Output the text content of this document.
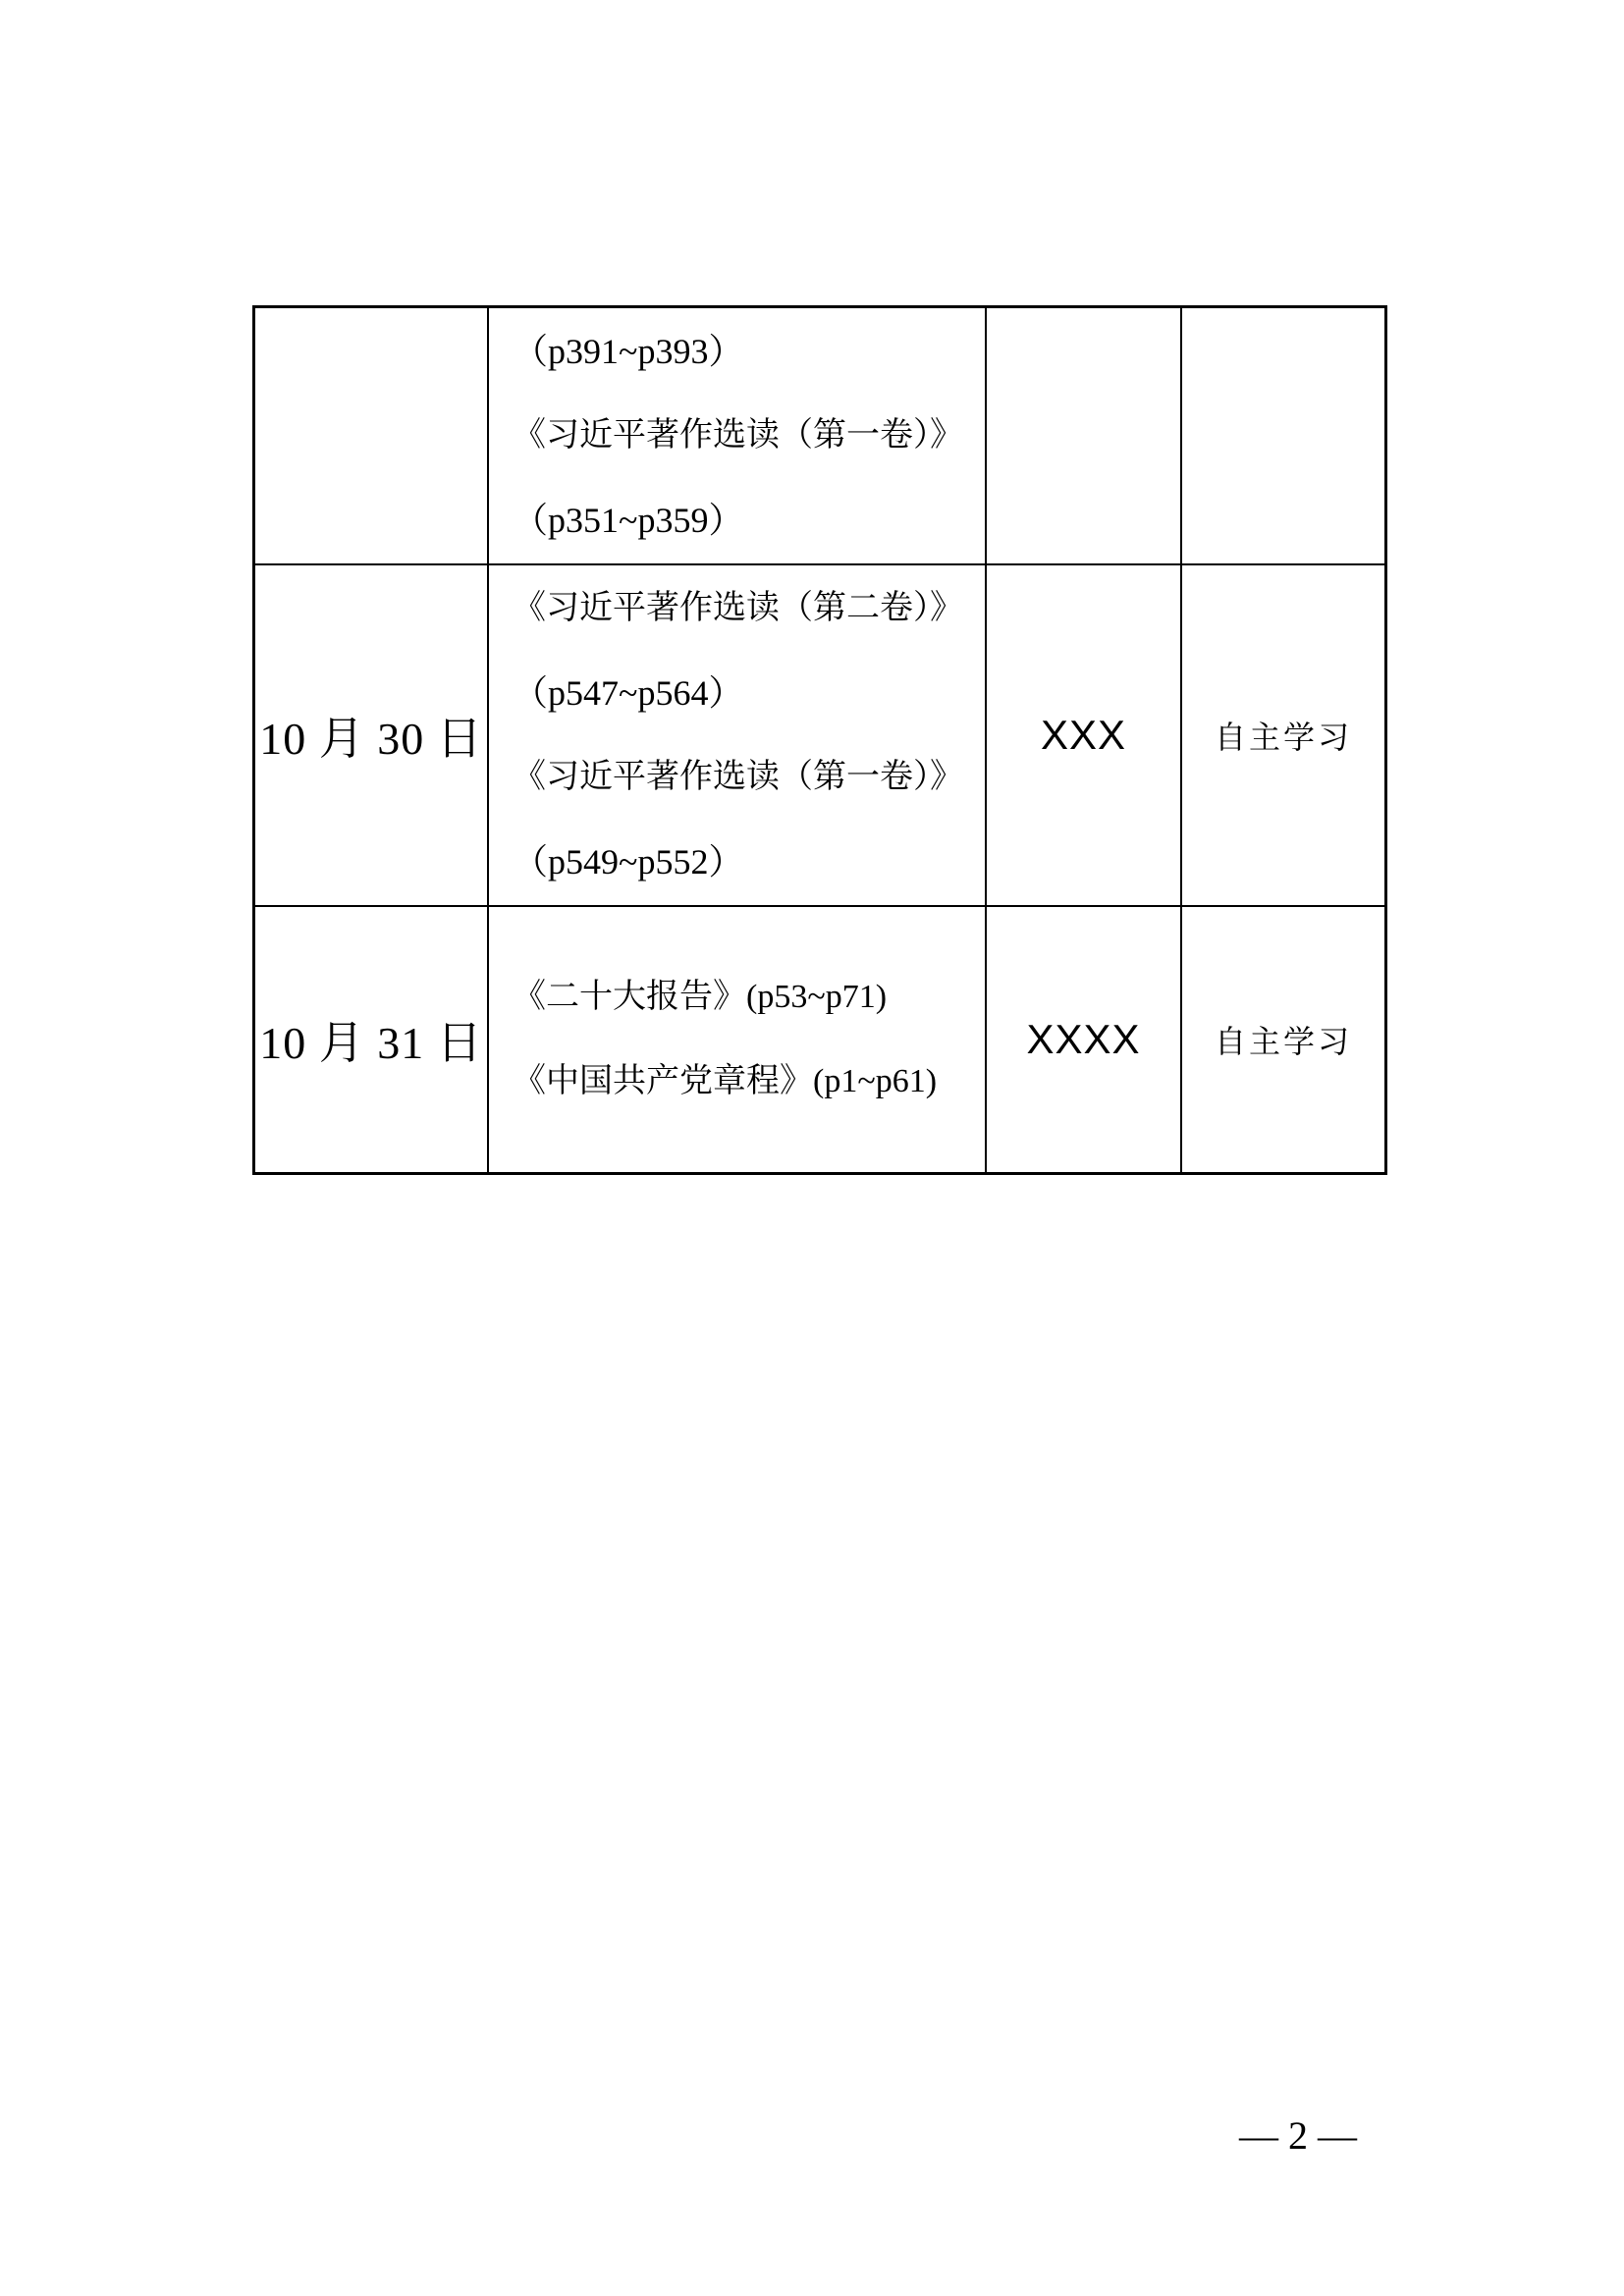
（p391~p393）
《习近平著作选读（第一卷）》
（p351~p359）
10 月 30 日
《习近平著作选读（第二卷）》
（p547~p564）
《习近平著作选读（第一卷）》
（p549~p552）
XXX	自主学习
10 月 31 日
《二十大报告》(p53~p71)
《中国共产党章程》(p1~p61)
XXXX 自主学习
— 2 —
